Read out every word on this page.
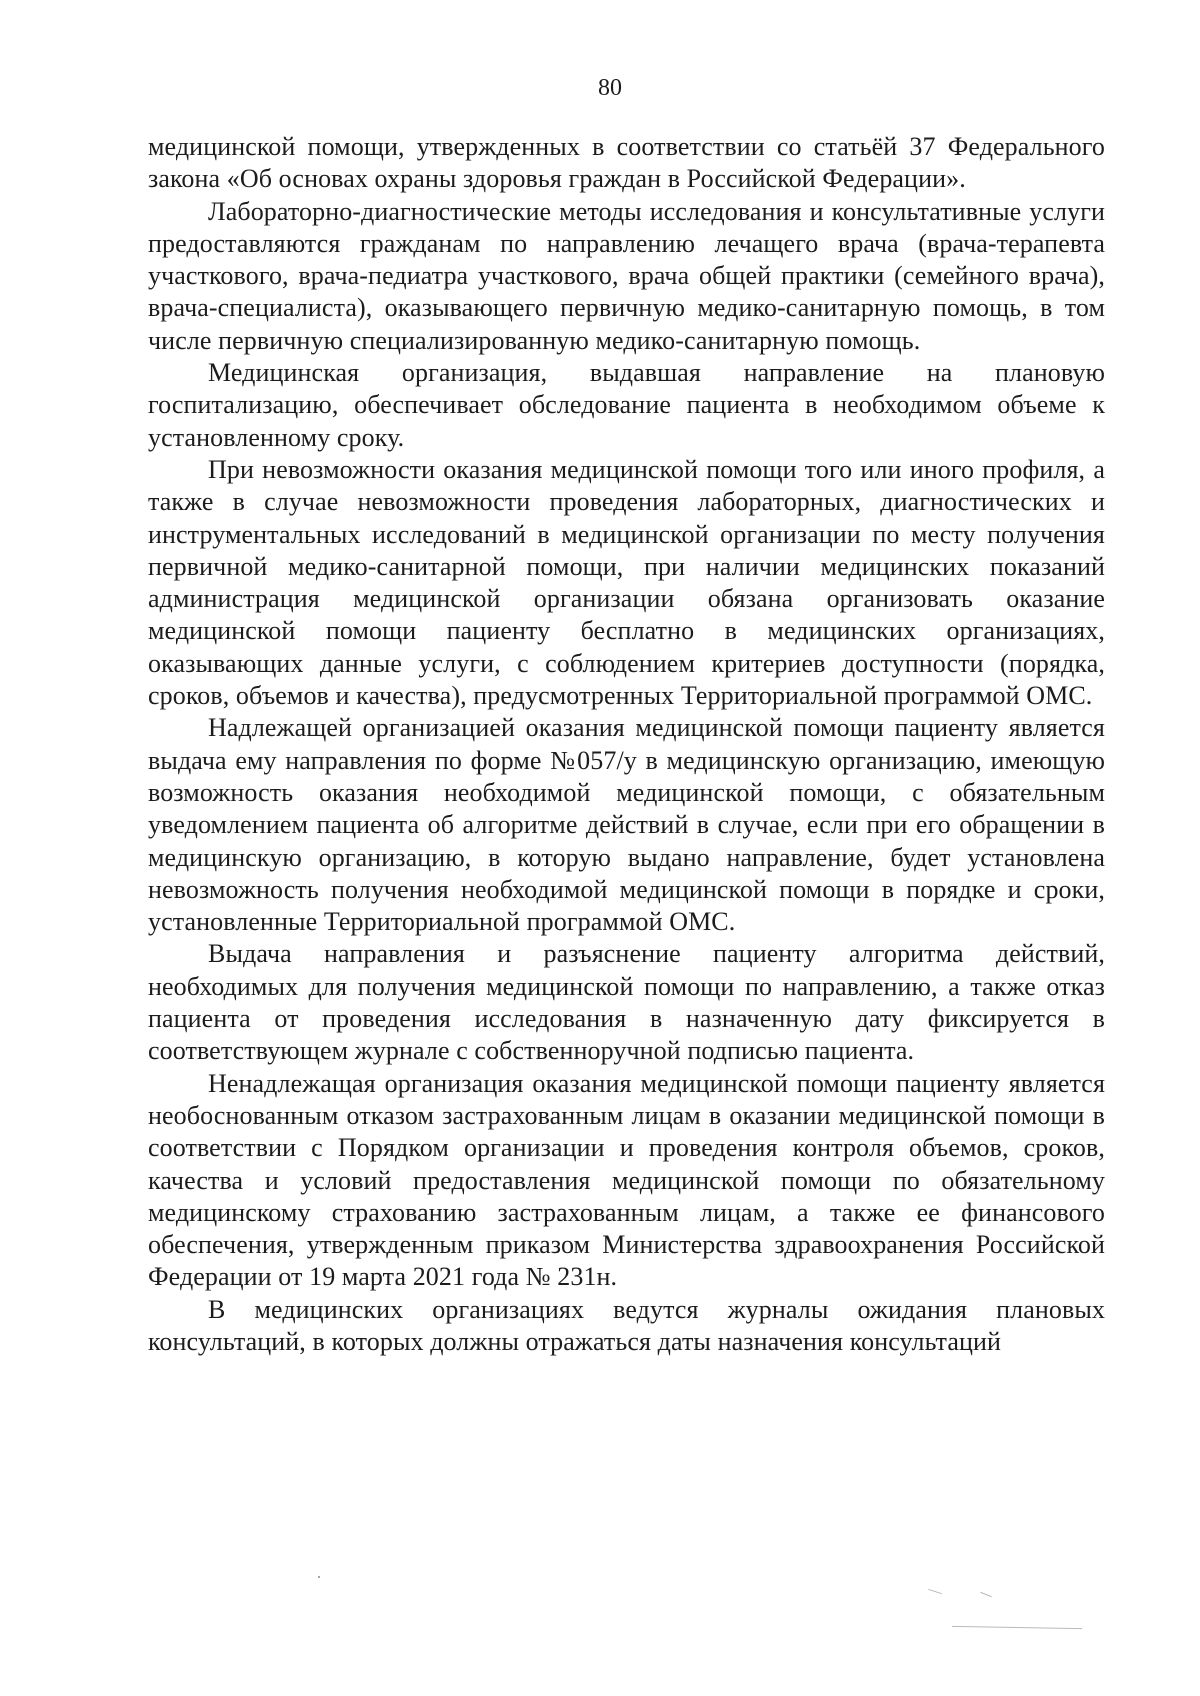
80

медицинской помощи, утвержденных в соответствии со статьёй 37 Федерального закона «Об основах охраны здоровья граждан в Российской Федерации».

Лабораторно-диагностические методы исследования и консультативные услуги предоставляются гражданам по направлению лечащего врача (врача-терапевта участкового, врача-педиатра участкового, врача общей практики (семейного врача), врача-специалиста), оказывающего первичную медико-санитарную помощь, в том числе первичную специализированную медико-санитарную помощь.

Медицинская организация, выдавшая направление на плановую госпитализацию, обеспечивает обследование пациента в необходимом объеме к установленному сроку.

При невозможности оказания медицинской помощи того или иного профиля, а также в случае невозможности проведения лабораторных, диагностических и инструментальных исследований в медицинской организации по месту получения первичной медико-санитарной помощи, при наличии медицинских показаний администрация медицинской организации обязана организовать оказание медицинской помощи пациенту бесплатно в медицинских организациях, оказывающих данные услуги, с соблюдением критериев доступности (порядка, сроков, объемов и качества), предусмотренных Территориальной программой ОМС.

Надлежащей организацией оказания медицинской помощи пациенту является выдача ему направления по форме №057/у в медицинскую организацию, имеющую возможность оказания необходимой медицинской помощи, с обязательным уведомлением пациента об алгоритме действий в случае, если при его обращении в медицинскую организацию, в которую выдано направление, будет установлена невозможность получения необходимой медицинской помощи в порядке и сроки, установленные Территориальной программой ОМС.

Выдача направления и разъяснение пациенту алгоритма действий, необходимых для получения медицинской помощи по направлению, а также отказ пациента от проведения исследования в назначенную дату фиксируется в соответствующем журнале с собственноручной подписью пациента.

Ненадлежащая организация оказания медицинской помощи пациенту является необоснованным отказом застрахованным лицам в оказании медицинской помощи в соответствии с Порядком организации и проведения контроля объемов, сроков, качества и условий предоставления медицинской помощи по обязательному медицинскому страхованию застрахованным лицам, а также ее финансового обеспечения, утвержденным приказом Министерства здравоохранения Российской Федерации от 19 марта 2021 года № 231н.

В медицинских организациях ведутся журналы ожидания плановых консультаций, в которых должны отражаться даты назначения консультаций
